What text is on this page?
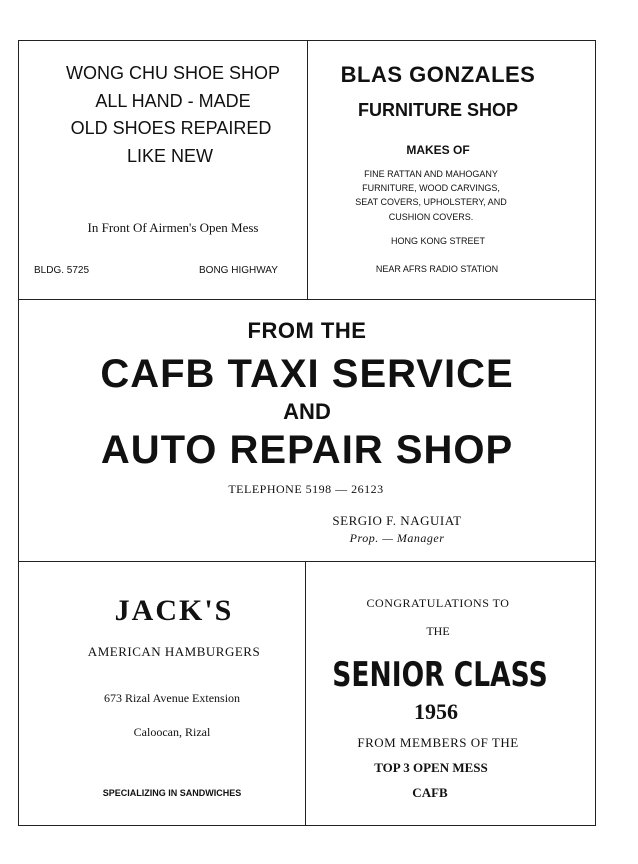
WONG CHU SHOE SHOP
ALL HAND - MADE
OLD SHOES REPAIRED
LIKE NEW
In Front Of Airmen's Open Mess
BLDG. 5725	BONG HIGHWAY
BLAS GONZALES
FURNITURE SHOP
MAKES OF
FINE RATTAN AND MAHOGANY
FURNITURE, WOOD CARVINGS,
SEAT COVERS, UPHOLSTERY, AND
CUSHION COVERS.
HONG KONG STREET
NEAR AFRS RADIO STATION
FROM THE
CAFB TAXI SERVICE
AND
AUTO REPAIR SHOP
TELEPHONE 5198 — 26123
SERGIO F. NAGUIAT
Prop. — Manager
JACK'S
AMERICAN HAMBURGERS
673 Rizal Avenue Extension
Caloocan, Rizal
SPECIALIZING IN SANDWICHES
CONGRATULATIONS TO
THE
SENIOR CLASS
1956
FROM MEMBERS OF THE
TOP 3 OPEN MESS
CAFB
